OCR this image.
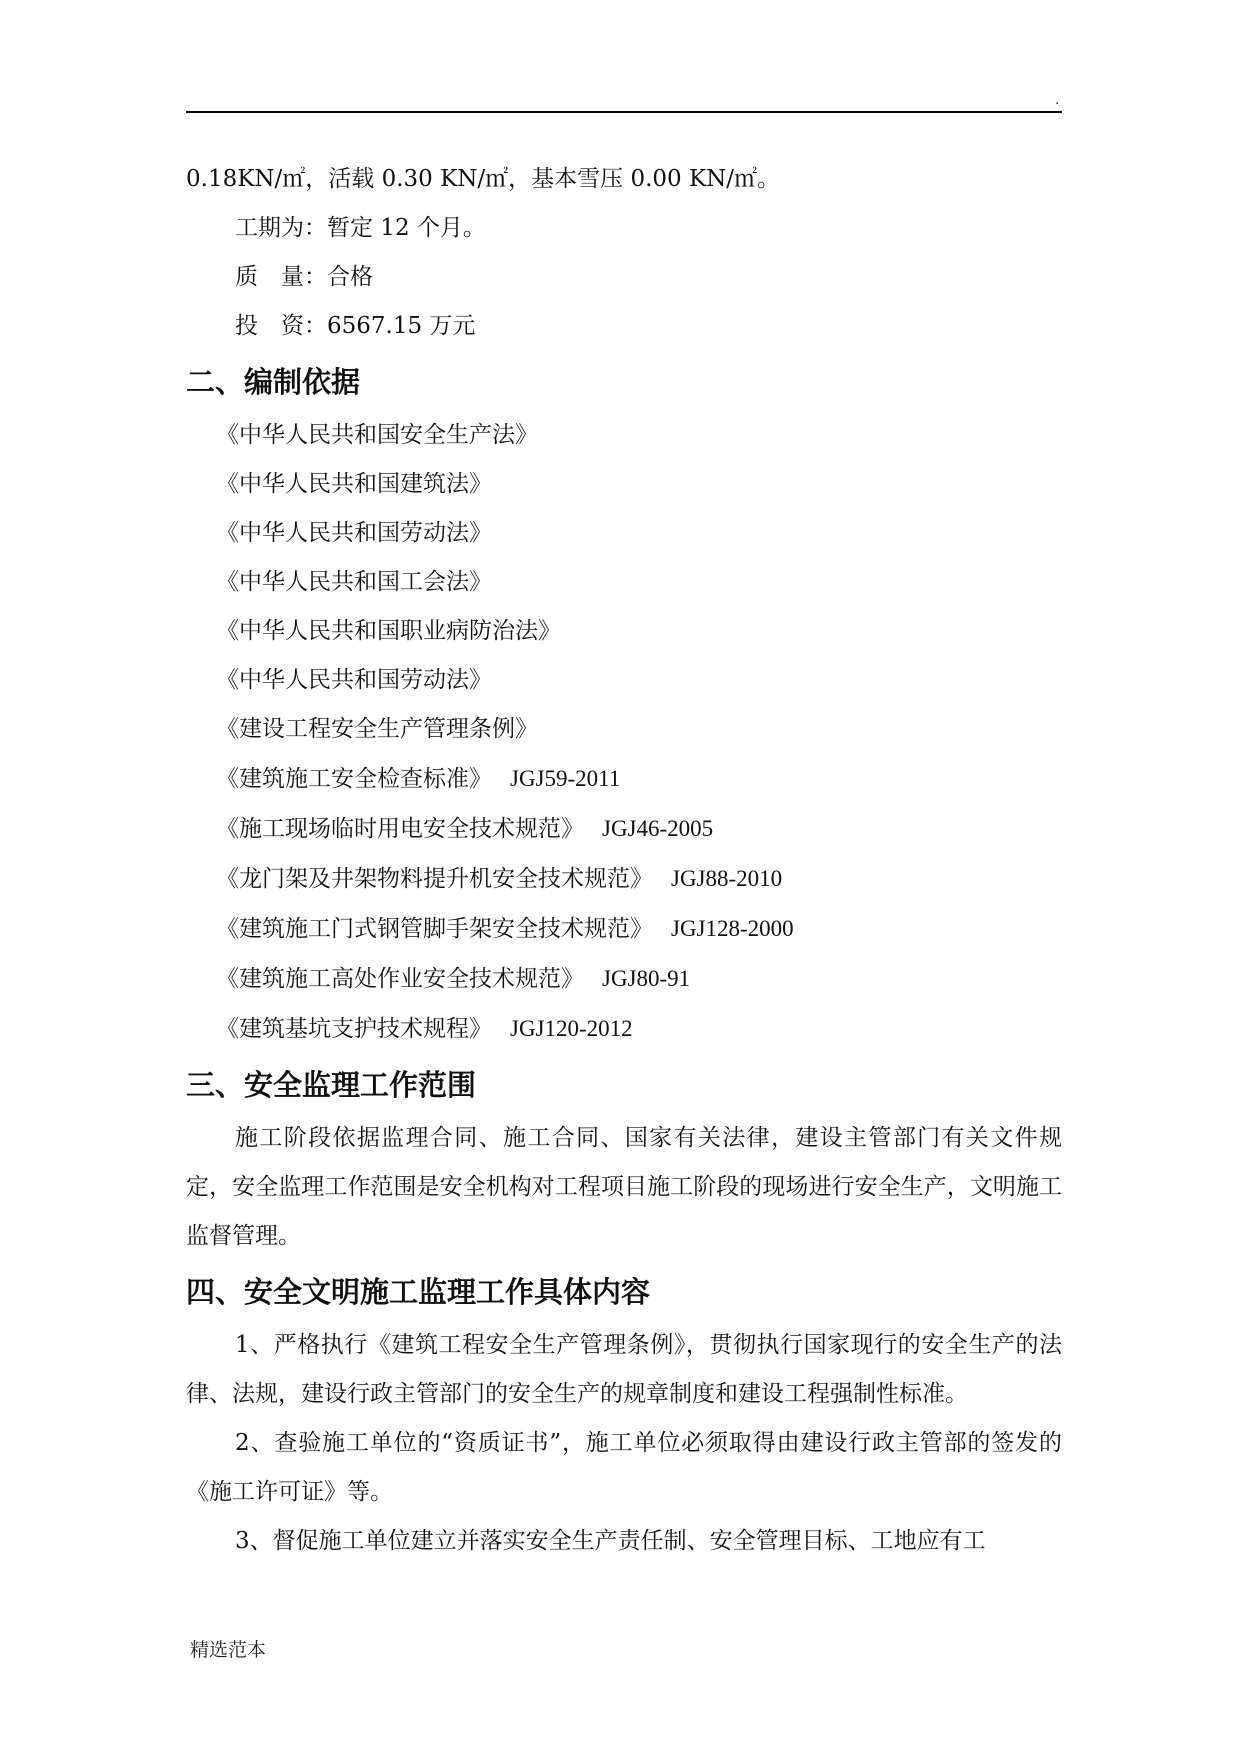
.
0.18KN/㎡，活载 0.30 KN/㎡，基本雪压 0.00 KN/㎡。
工期为：暂定 12 个月。
质　量：合格
投　资：6567.15 万元
二、编制依据
《中华人民共和国安全生产法》
《中华人民共和国建筑法》
《中华人民共和国劳动法》
《中华人民共和国工会法》
《中华人民共和国职业病防治法》
《中华人民共和国劳动法》
《建设工程安全生产管理条例》
《建筑施工安全检查标准》 JGJ59-2011
《施工现场临时用电安全技术规范》 JGJ46-2005
《龙门架及井架物料提升机安全技术规范》 JGJ88-2010
《建筑施工门式钢管脚手架安全技术规范》 JGJ128-2000
《建筑施工高处作业安全技术规范》 JGJ80-91
《建筑基坑支护技术规程》 JGJ120-2012
三、安全监理工作范围
施工阶段依据监理合同、施工合同、国家有关法律，建设主管部门有关文件规定，安全监理工作范围是安全机构对工程项目施工阶段的现场进行安全生产，文明施工监督管理。
四、安全文明施工监理工作具体内容
1、严格执行《建筑工程安全生产管理条例》，贯彻执行国家现行的安全生产的法律、法规，建设行政主管部门的安全生产的规章制度和建设工程强制性标准。
2、查验施工单位的“资质证书”，施工单位必须取得由建设行政主管部的签发的《施工许可证》等。
3、督促施工单位建立并落实安全生产责任制、安全管理目标、工地应有工
精选范本
